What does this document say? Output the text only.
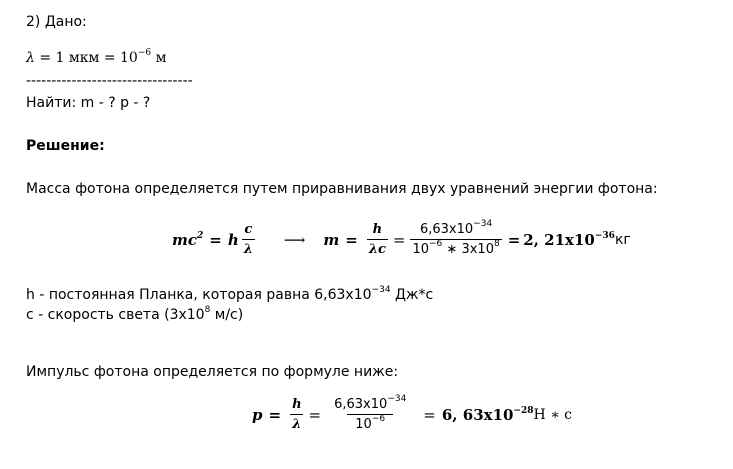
2) Дано:
λ = 1 мкм = $10^{-6}$ м
---------------------------------
Найти: m - ? p - ?
Решение:
Масса фотона определяется путем приравнивания двух уравнений энергии фотона:
$mc^2 = h \frac{c}{\lambda}$ ⟶ $m = \frac{h}{\lambda c} = \frac{6,63x10^{-34}}{10^{-6} ∗ 3x10^8} = 2$, $21x10^{-36}$ кг
h - постоянная Планка, которая равна $6,63x10^{-34}$ Дж*с
c - скорость света ($3x10^8$ м/с)
Импульс фотона определяется по формуле ниже:
$p = \frac{h}{\lambda} = \frac{6,63x10^{-34}}{10^{-6}} = 6$, $63x10^{-28}$ Н ∗ с
